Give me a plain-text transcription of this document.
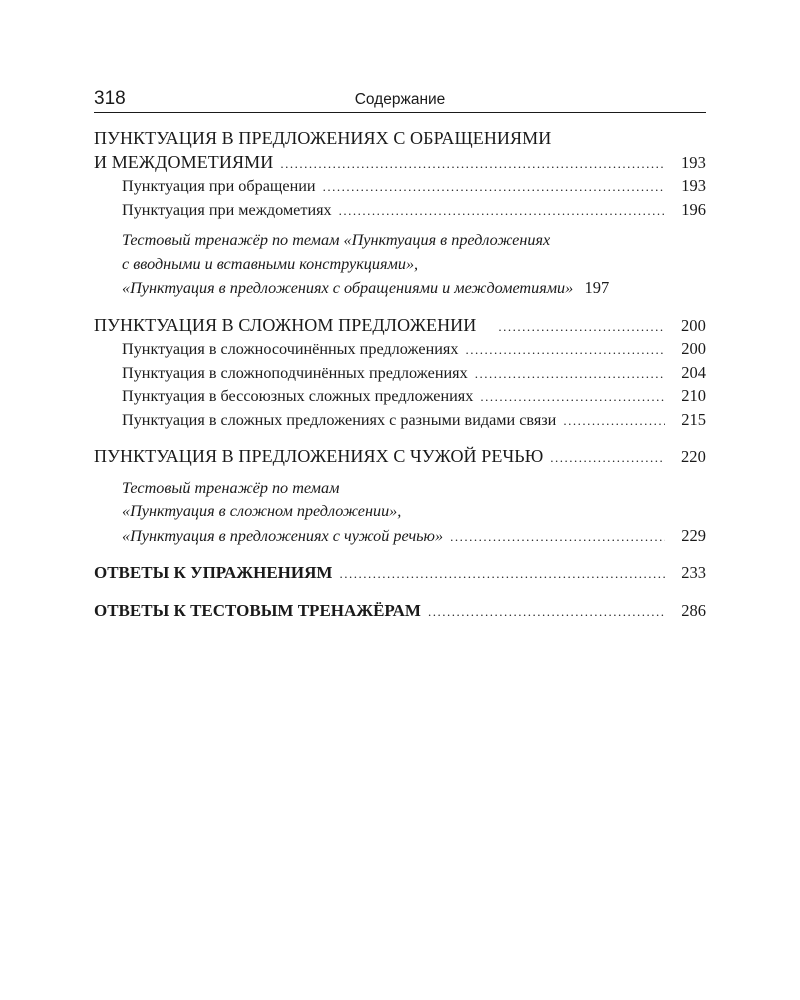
318	Содержание
ПУНКТУАЦИЯ В ПРЕДЛОЖЕНИЯХ С ОБРАЩЕНИЯМИ
И МЕЖДОМЕТИЯМИ .....	193
Пунктуация при обращении .....	193
Пунктуация при междометиях .....	196
Тестовый тренажёр по темам «Пунктуация в предложениях
с вводными и вставными конструкциями»,
«Пунктуация в предложениях с обращениями и междометиями» 197
ПУНКТУАЦИЯ В СЛОЖНОМ ПРЕДЛОЖЕНИИ .....	200
Пунктуация в сложносочинённых предложениях .....	200
Пунктуация в сложноподчинённых предложениях .....	204
Пунктуация в бессоюзных сложных предложениях .....	210
Пунктуация в сложных предложениях с разными видами связи .....	215
ПУНКТУАЦИЯ В ПРЕДЛОЖЕНИЯХ С ЧУЖОЙ РЕЧЬЮ .....	220
Тестовый тренажёр по темам
«Пунктуация в сложном предложении»,
«Пунктуация в предложениях с чужой речью» .....	229
ОТВЕТЫ К УПРАЖНЕНИЯМ .....	233
ОТВЕТЫ К ТЕСТОВЫМ ТРЕНАЖЁРАМ .....	286
